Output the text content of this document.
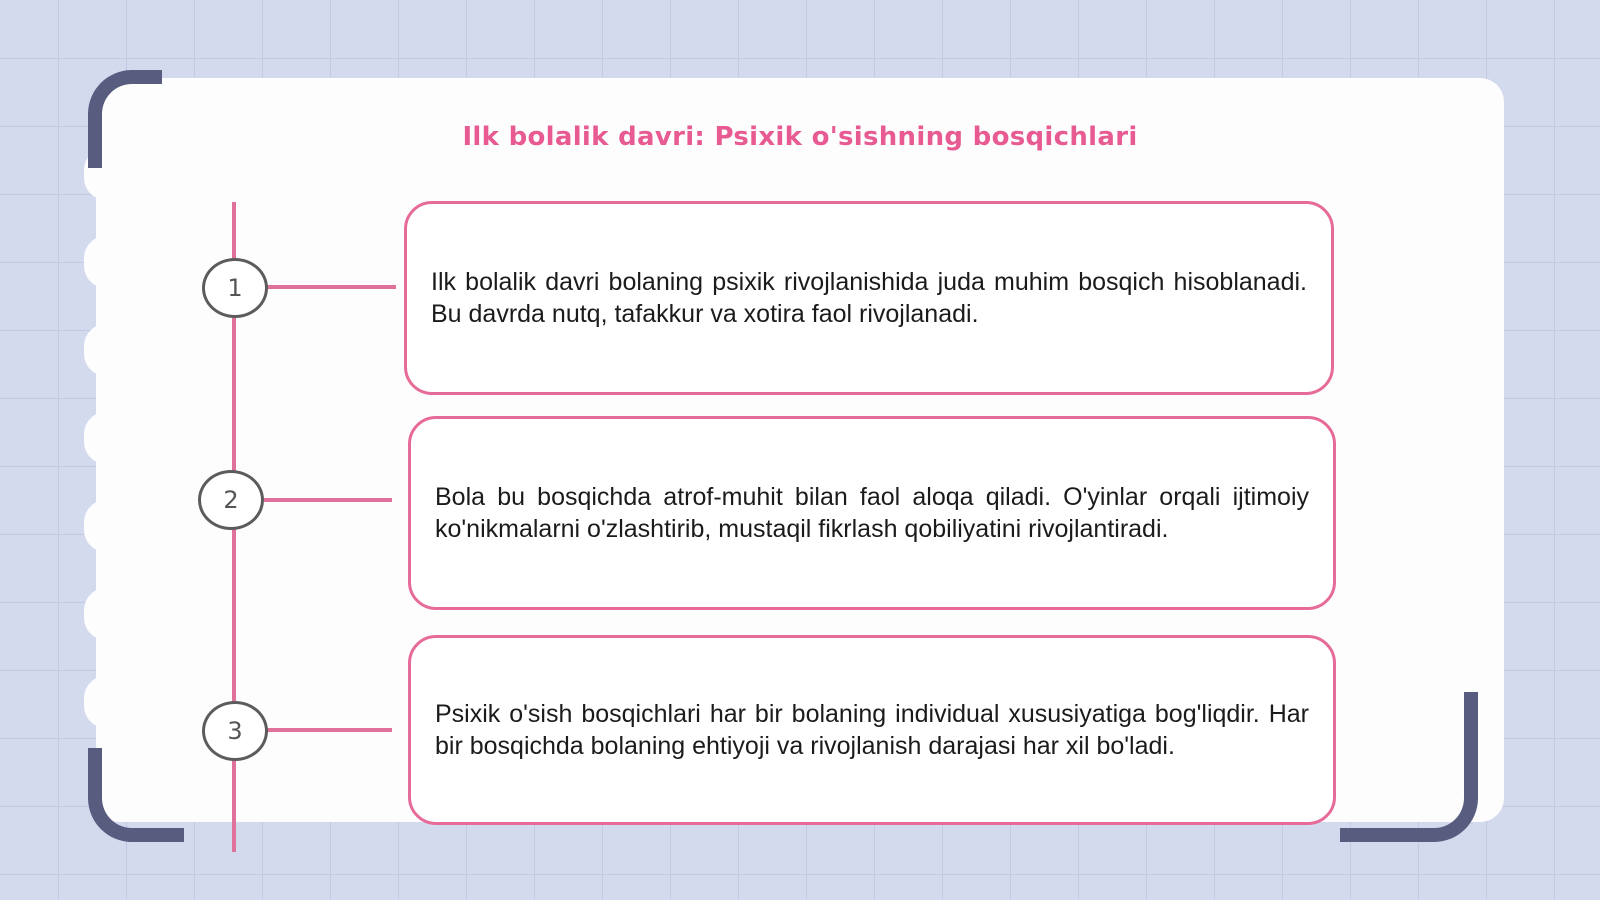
Ilk bolalik davri: Psixik o'sishning bosqichlari
1	Ilk bolalik davri bolaning psixik rivojlanishida juda muhim bosqich hisoblanadi. Bu davrda nutq, tafakkur va xotira faol rivojlanadi.

2	Bola bu bosqichda atrof-muhit bilan faol aloqa qiladi. O'yinlar orqali ijtimoiy ko'nikmalarni o'zlashtirib, mustaqil fikrlash qobiliyatini rivojlantiradi.

3

Psixik o'sish bosqichlari har bir bolaning individual xususiyatiga bog'liqdir. Har bir bosqichda bolaning ehtiyoji va rivojlanish darajasi har xil bo'ladi.
